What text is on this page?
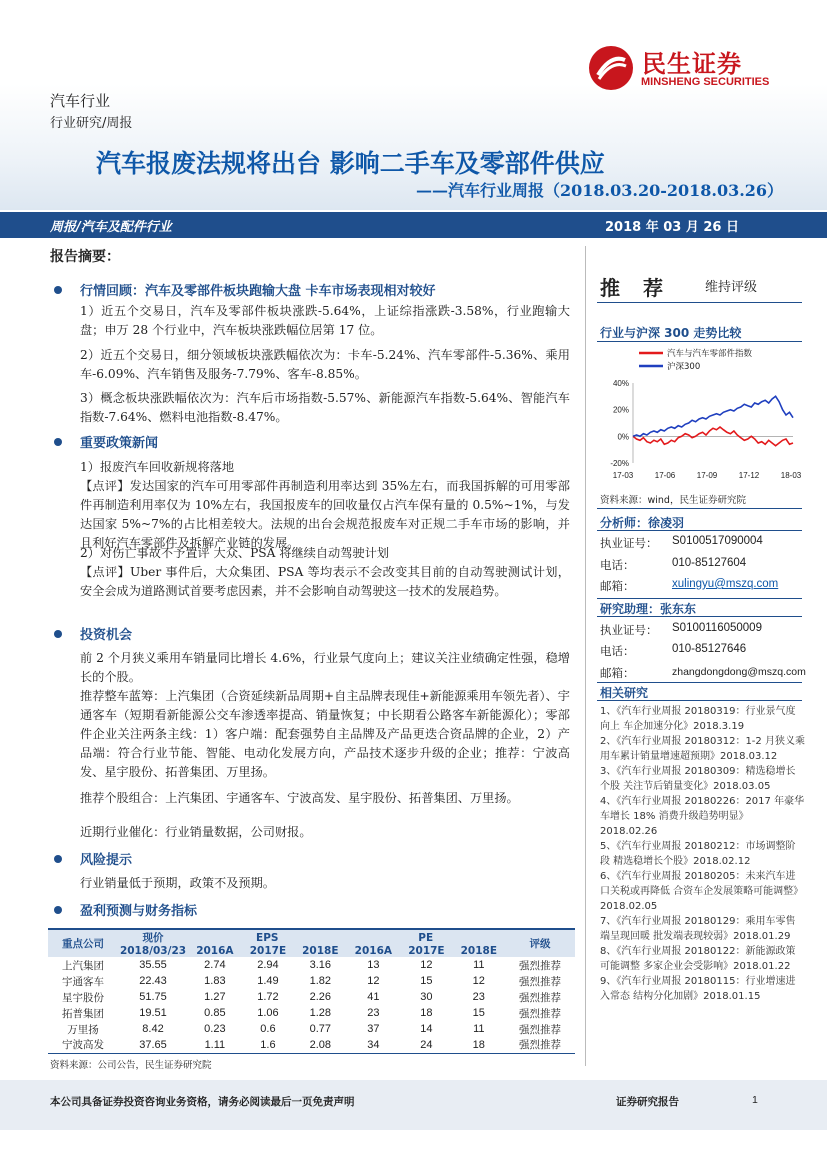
民生证券
MINSHENG SECURITIES
汽车行业
行业研究/周报
汽车报废法规将出台 影响二手车及零部件供应
——汽车行业周报（2018.03.20-2018.03.26）
周报/汽车及配件行业	2018 年 03 月 26 日
报告摘要：
行情回顾：汽车及零部件板块跑输大盘 卡车市场表现相对较好
1）近五个交易日，汽车及零部件板块涨跌-5.64%，上证综指涨跌-3.58%，行业跑输大盘；申万 28 个行业中，汽车板块涨跌幅位居第 17 位。
2）近五个交易日，细分领域板块涨跌幅依次为：卡车-5.24%、汽车零部件-5.36%、乘用车-6.09%、汽车销售及服务-7.79%、客车-8.85%。
3）概念板块涨跌幅依次为：汽车后市场指数-5.57%、新能源汽车指数-5.64%、智能汽车指数-7.64%、燃料电池指数-8.47%。
重要政策新闻
1）报废汽车回收新规将落地
【点评】发达国家的汽车可用零部件再制造利用率达到 35%左右，而我国拆解的可用零部件再制造利用率仅为 10%左右，我国报废车的回收量仅占汽车保有量的 0.5%~1%，与发达国家 5%~7%的占比相差较大。法规的出台会规范报废车对正规二手车市场的影响，并且利好汽车零部件及拆解产业链的发展。
2）对伤亡事故不予置评 大众、PSA 将继续自动驾驶计划
【点评】Uber 事件后，大众集团、PSA 等均表示不会改变其目前的自动驾驶测试计划，安全会成为道路测试首要考虑因素，并不会影响自动驾驶这一技术的发展趋势。
投资机会
前 2 个月狭义乘用车销量同比增长 4.6%，行业景气度向上；建议关注业绩确定性强，稳增长的个股。
推荐整车蓝筹：上汽集团（合资延续新品周期+自主品牌表现佳+新能源乘用车领先者）、宇通客车（短期看新能源公交车渗透率提高、销量恢复；中长期看公路客车新能源化）；零部件企业关注两条主线：1）客户端：配套强势自主品牌及产品更迭合资品牌的企业，2）产品端：符合行业节能、智能、电动化发展方向，产品技术逐步升级的企业；推荐：宁波高发、星宇股份、拓普集团、万里扬。
推荐个股组合：上汽集团、宇通客车、宁波高发、星宇股份、拓普集团、万里扬。
近期行业催化：行业销量数据，公司财报。
风险提示
行业销量低于预期，政策不及预期。
盈利预测与财务指标
重点公司	现价	EPS			PE			评级
	2018/03/23	2016A	2017E	2018E	2016A	2017E	2018E	
上汽集团	35.55	2.74	2.94	3.16	13	12	11	强烈推荐
宇通客车	22.43	1.83	1.49	1.82	12	15	12	强烈推荐
星宇股份	51.75	1.27	1.72	2.26	41	30	23	强烈推荐
拓普集团	19.51	0.85	1.06	1.28	23	18	15	强烈推荐
万里扬	8.42	0.23	0.6	0.77	37	14	11	强烈推荐
宁波高发	37.65	1.11	1.6	2.08	34	24	18	强烈推荐
资料来源：公司公告，民生证券研究院
推 荐	维持评级
行业与沪深 300 走势比较
汽车与汽车零部件指数
沪深300
40%
20%
0%
-20%
17-03	17-06	17-09	17-12	18-03
资料来源：wind，民生证券研究院
分析师：徐凌羽
执业证号： S0100517090004
电话：	010-85127604
邮箱：	xulingyu@mszq.com
研究助理：张东东
执业证号： S0100116050009
电话：	010-85127646
邮箱：	zhangdongdong@mszq.com
相关研究
1、《汽车行业周报 20180319：行业景气度向上 车企加速分化》2018.3.19
2、《汽车行业周报 20180312：1-2 月狭义乘用车累计销量增速超预期》2018.03.12
3、《汽车行业周报 20180309：精选稳增长个股 关注节后销量变化》2018.03.05
4、《汽车行业周报 20180226：2017 年豪华车增长 18% 消费升级趋势明显》2018.02.26
5、《汽车行业周报 20180212：市场调整阶段 精选稳增长个股》2018.02.12
6、《汽车行业周报 20180205：未来汽车进口关税或再降低 合资车企发展策略可能调整》2018.02.05
7、《汽车行业周报 20180129：乘用车零售端呈现回暖 批发端表现较弱》2018.01.29
8、《汽车行业周报 20180122：新能源政策可能调整 多家企业会受影响》2018.01.22
9、《汽车行业周报 20180115：行业增速进入常态 结构分化加剧》2018.01.15
本公司具备证券投资咨询业务资格，请务必阅读最后一页免责声明	证券研究报告	1
